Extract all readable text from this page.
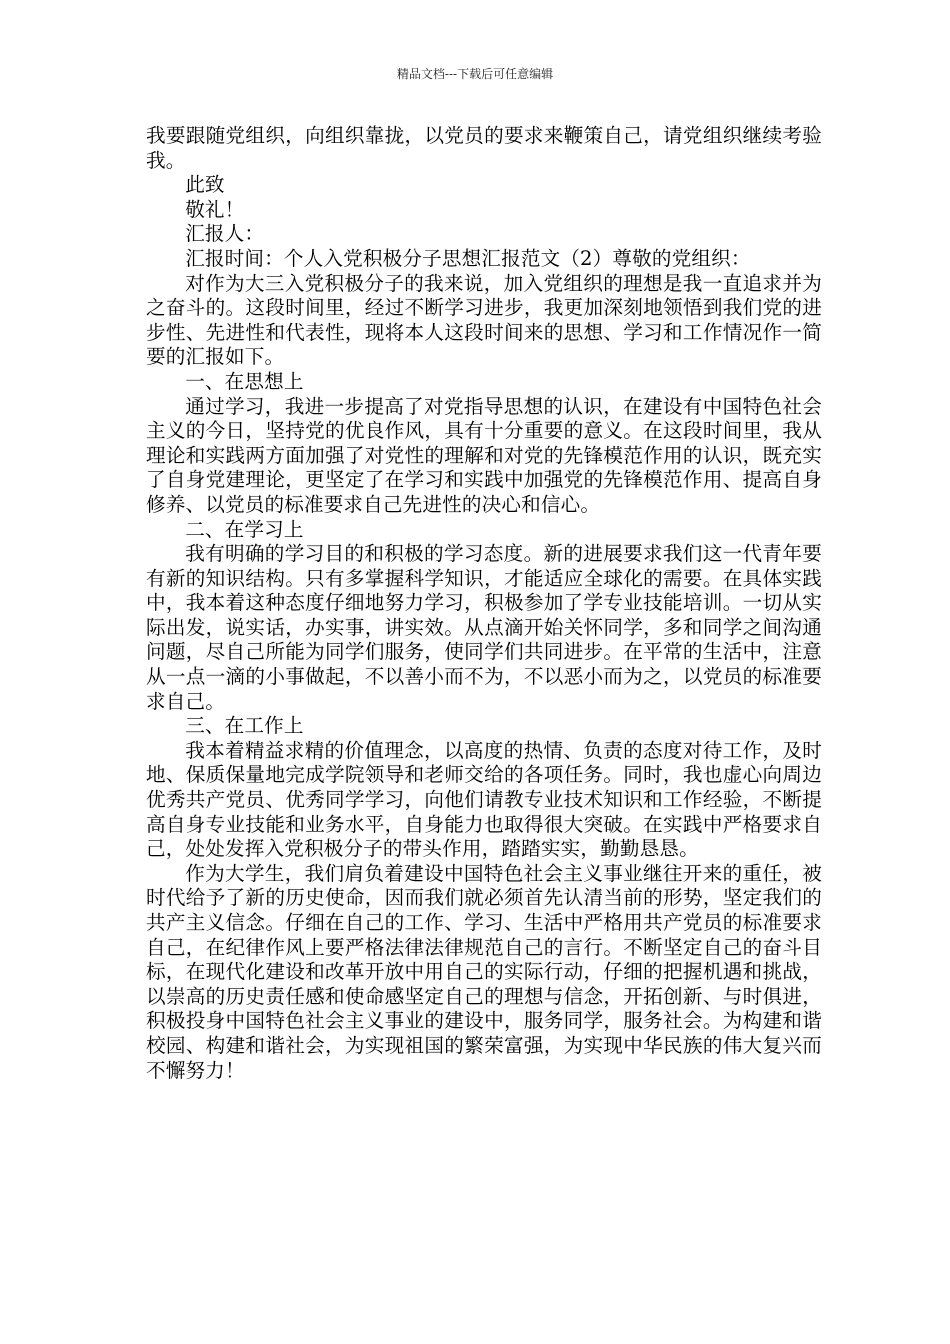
精品文档---下载后可任意编辑

我要跟随党组织，向组织靠拢，以党员的要求来鞭策自己，请党组织继续考验我。

此致

敬礼！

汇报人：

汇报时间：个人入党积极分子思想汇报范文（2）尊敬的党组织：

对作为大三入党积极分子的我来说，加入党组织的理想是我一直追求并为之奋斗的。这段时间里，经过不断学习进步，我更加深刻地领悟到我们党的进步性、先进性和代表性，现将本人这段时间来的思想、学习和工作情况作一简要的汇报如下。

一、在思想上

通过学习，我进一步提高了对党指导思想的认识，在建设有中国特色社会主义的今日，坚持党的优良作风，具有十分重要的意义。在这段时间里，我从理论和实践两方面加强了对党性的理解和对党的先锋模范作用的认识，既充实了自身党建理论，更坚定了在学习和实践中加强党的先锋模范作用、提高自身修养、以党员的标准要求自己先进性的决心和信心。

二、在学习上

我有明确的学习目的和积极的学习态度。新的进展要求我们这一代青年要有新的知识结构。只有多掌握科学知识，才能适应全球化的需要。在具体实践中，我本着这种态度仔细地努力学习，积极参加了学专业技能培训。一切从实际出发，说实话，办实事，讲实效。从点滴开始关怀同学，多和同学之间沟通问题，尽自己所能为同学们服务，使同学们共同进步。在平常的生活中，注意从一点一滴的小事做起，不以善小而不为，不以恶小而为之，以党员的标准要求自己。

三、在工作上

我本着精益求精的价值理念，以高度的热情、负责的态度对待工作，及时地、保质保量地完成学院领导和老师交给的各项任务。同时，我也虚心向周边优秀共产党员、优秀同学学习，向他们请教专业技术知识和工作经验，不断提高自身专业技能和业务水平，自身能力也取得很大突破。在实践中严格要求自己，处处发挥入党积极分子的带头作用，踏踏实实，勤勤恳恳。

作为大学生，我们肩负着建设中国特色社会主义事业继往开来的重任，被时代给予了新的历史使命，因而我们就必须首先认清当前的形势，坚定我们的共产主义信念。仔细在自己的工作、学习、生活中严格用共产党员的标准要求自己，在纪律作风上要严格法律法律规范自己的言行。不断坚定自己的奋斗目标，在现代化建设和改革开放中用自己的实际行动，仔细的把握机遇和挑战，以崇高的历史责任感和使命感坚定自己的理想与信念，开拓创新、与时俱进，积极投身中国特色社会主义事业的建设中，服务同学，服务社会。为构建和谐校园、构建和谐社会，为实现祖国的繁荣富强，为实现中华民族的伟大复兴而不懈努力！
